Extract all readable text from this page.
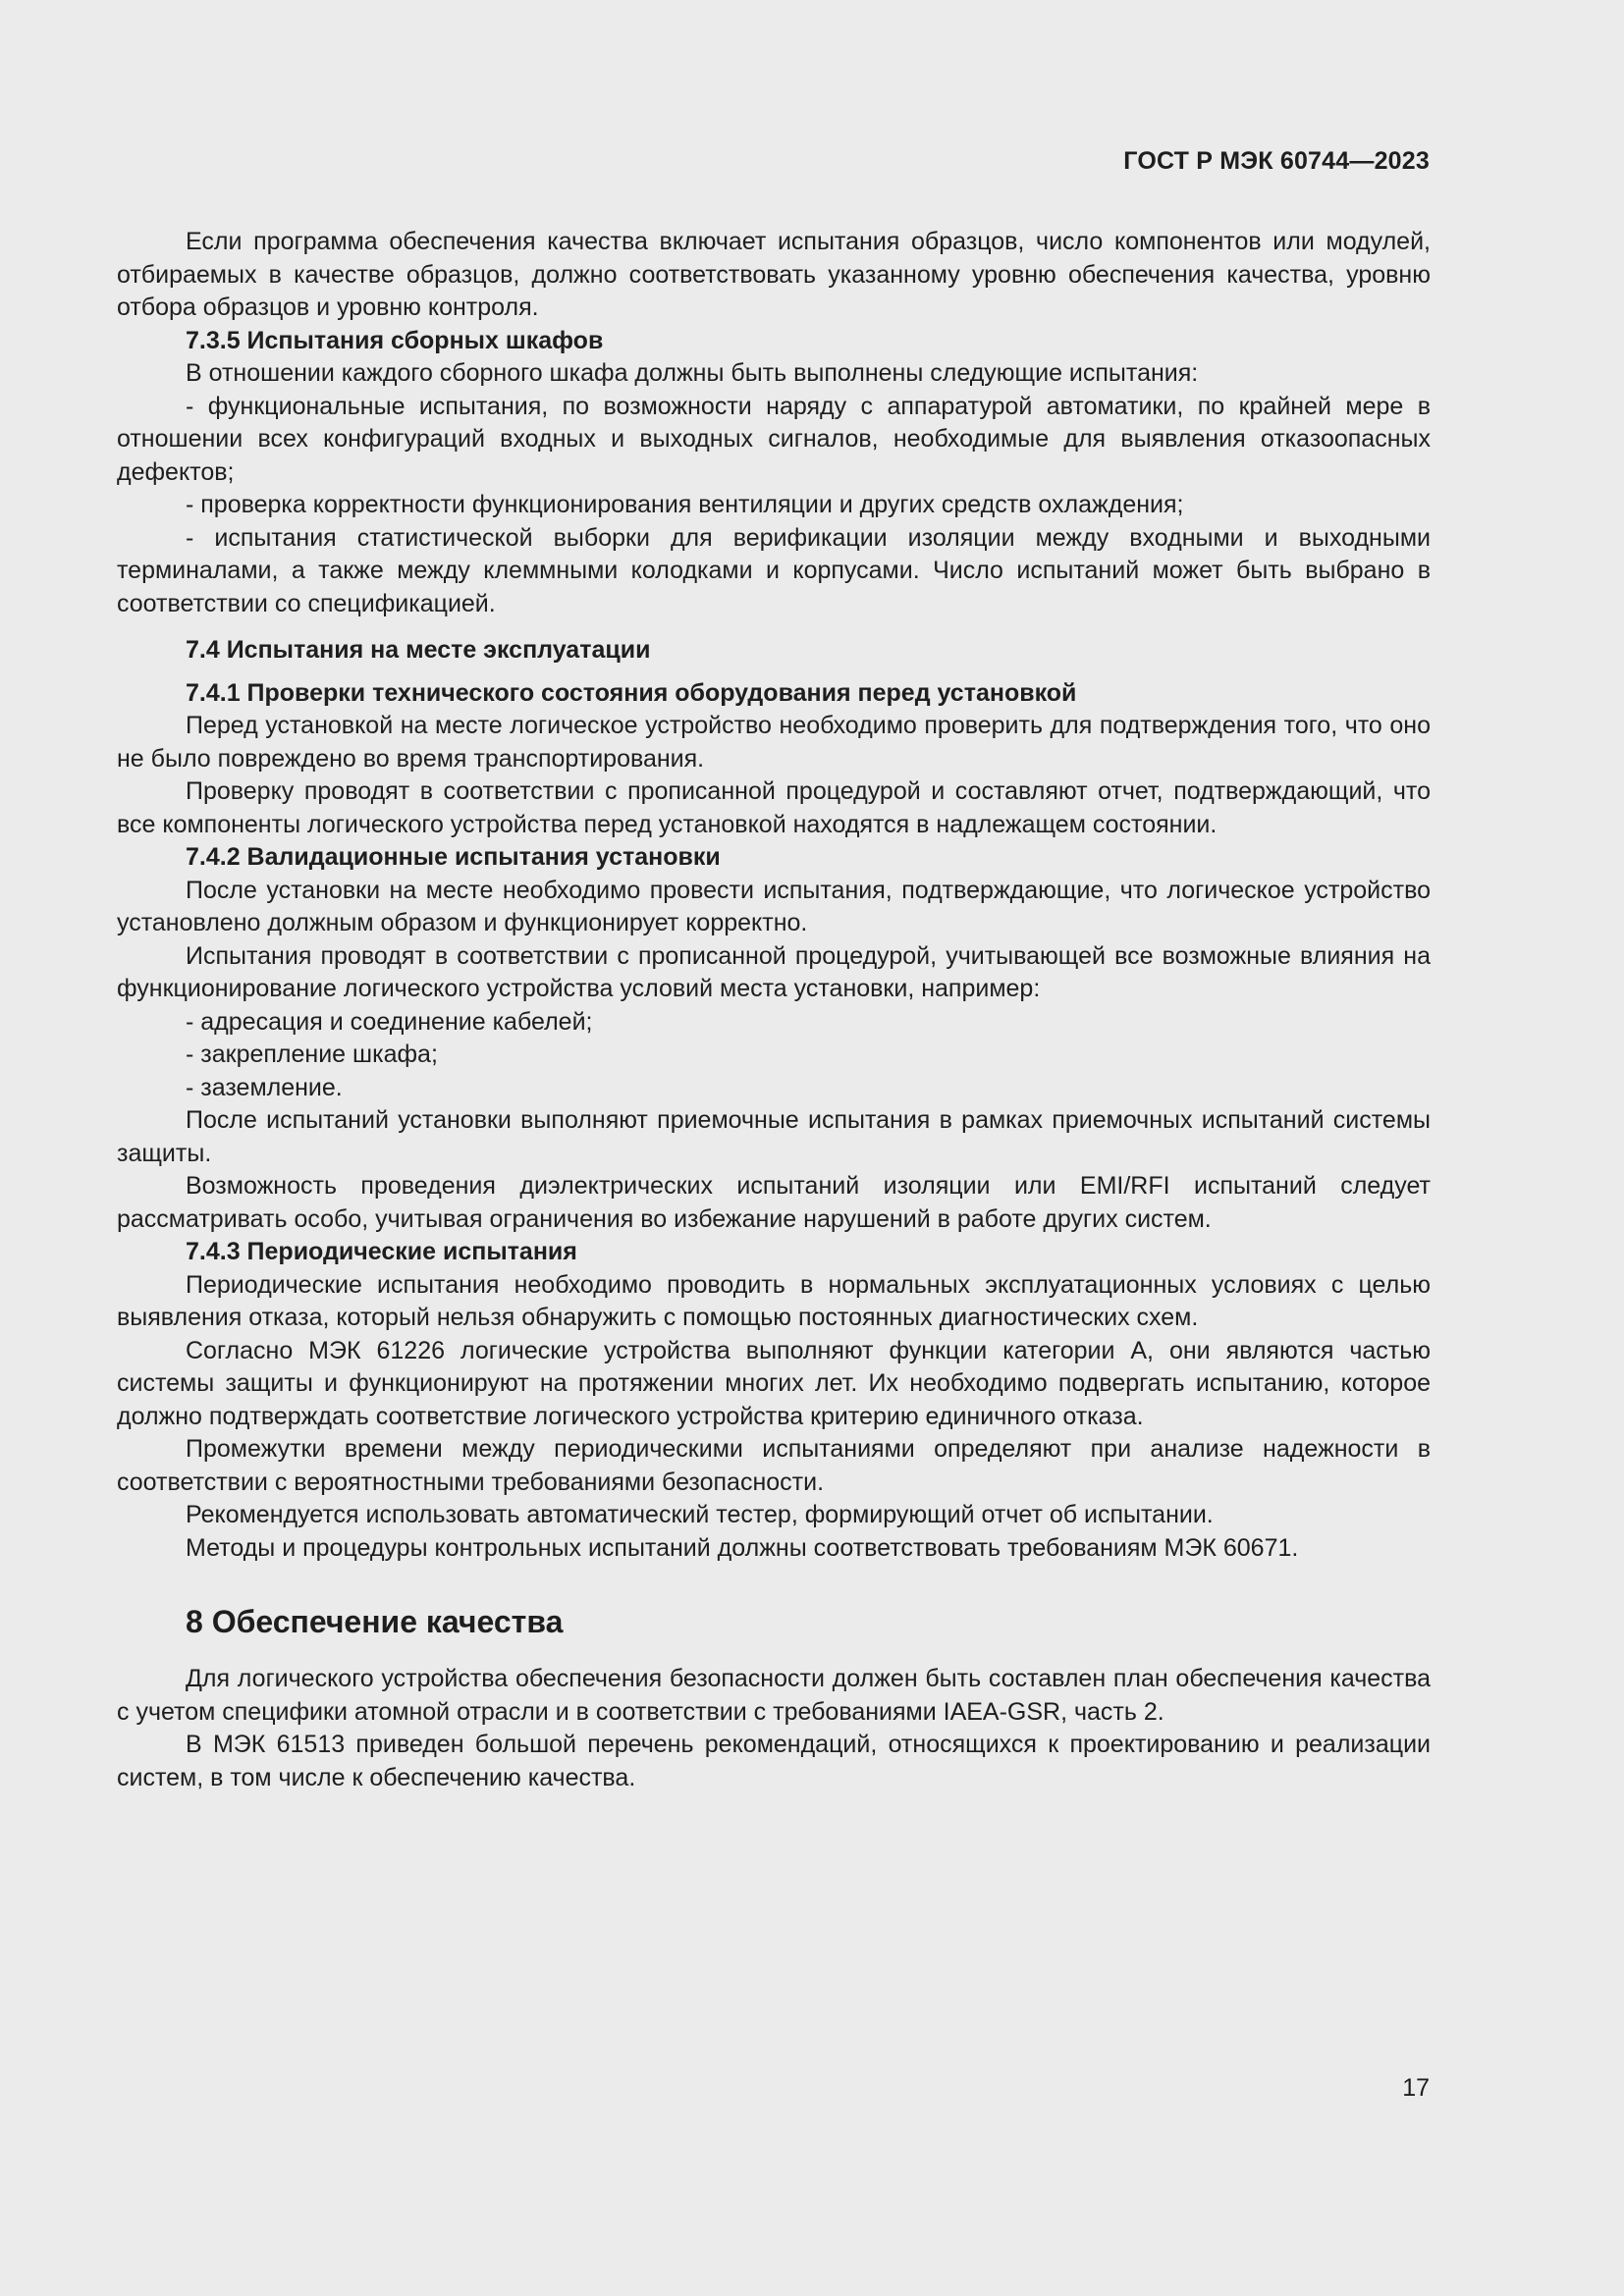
ГОСТ Р МЭК 60744—2023

Если программа обеспечения качества включает испытания образцов, число компонентов или модулей, отбираемых в качестве образцов, должно соответствовать указанному уровню обеспечения качества, уровню отбора образцов и уровню контроля.

7.3.5 Испытания сборных шкафов

В отношении каждого сборного шкафа должны быть выполнены следующие испытания:

- функциональные испытания, по возможности наряду с аппаратурой автоматики, по крайней мере в отношении всех конфигураций входных и выходных сигналов, необходимые для выявления отказоопасных дефектов;

- проверка корректности функционирования вентиляции и других средств охлаждения;

- испытания статистической выборки для верификации изоляции между входными и выходными терминалами, а также между клеммными колодками и корпусами. Число испытаний может быть выбрано в соответствии со спецификацией.

7.4 Испытания на месте эксплуатации

7.4.1 Проверки технического состояния оборудования перед установкой

Перед установкой на месте логическое устройство необходимо проверить для подтверждения того, что оно не было повреждено во время транспортирования.

Проверку проводят в соответствии с прописанной процедурой и составляют отчет, подтверждающий, что все компоненты логического устройства перед установкой находятся в надлежащем состоянии.

7.4.2 Валидационные испытания установки

После установки на месте необходимо провести испытания, подтверждающие, что логическое устройство установлено должным образом и функционирует корректно.

Испытания проводят в соответствии с прописанной процедурой, учитывающей все возможные влияния на функционирование логического устройства условий места установки, например:

- адресация и соединение кабелей;

- закрепление шкафа;

- заземление.

После испытаний установки выполняют приемочные испытания в рамках приемочных испытаний системы защиты.

Возможность проведения диэлектрических испытаний изоляции или EMI/RFI испытаний следует рассматривать особо, учитывая ограничения во избежание нарушений в работе других систем.

7.4.3 Периодические испытания

Периодические испытания необходимо проводить в нормальных эксплуатационных условиях с целью выявления отказа, который нельзя обнаружить с помощью постоянных диагностических схем.

Согласно МЭК 61226 логические устройства выполняют функции категории А, они являются частью системы защиты и функционируют на протяжении многих лет. Их необходимо подвергать испытанию, которое должно подтверждать соответствие логического устройства критерию единичного отказа.

Промежутки времени между периодическими испытаниями определяют при анализе надежности в соответствии с вероятностными требованиями безопасности.

Рекомендуется использовать автоматический тестер, формирующий отчет об испытании.

Методы и процедуры контрольных испытаний должны соответствовать требованиям МЭК 60671.

8 Обеспечение качества

Для логического устройства обеспечения безопасности должен быть составлен план обеспечения качества с учетом специфики атомной отрасли и в соответствии с требованиями IAEA-GSR, часть 2.

В МЭК 61513 приведен большой перечень рекомендаций, относящихся к проектированию и реализации систем, в том числе к обеспечению качества.

17
